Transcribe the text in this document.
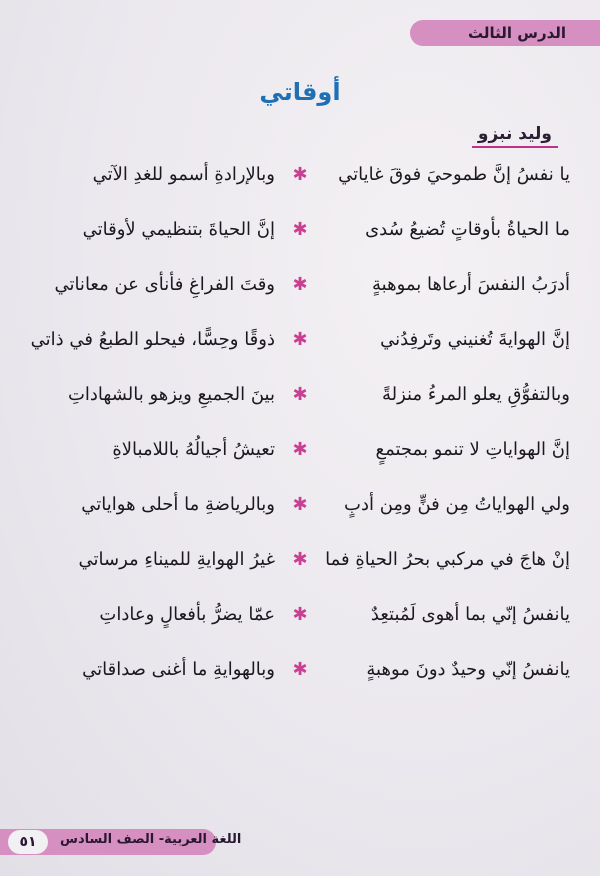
الدرس الثالث
أوقاتي
وليد نبزو
يا نفسُ إنَّ طموحيَ فوقَ غاياتي
✱
وبالإرادةِ أسمو للغدِ الآتي
ما الحياةُ بأوقاتٍ تُضيعُ سُدى
✱
إنَّ الحياةَ بتنظيمي لأوقاتي
أدرَبُ النفسَ أرعاها بموهبةٍ
✱
وقتَ الفراغِ فأنأى عن معاناتي
إنَّ الهوايةَ تُغنيني وتَرفِدُني
✱
ذوقًا وحِسًّا، فيحلو الطبعُ في ذاتي
وبالتفوُّقِ يعلو المرءُ منزلةً
✱
بينَ الجميعِ ويزهو بالشهاداتِ
إنَّ الهواياتِ لا تنمو بمجتمعٍ
✱
تعيشُ أجيالُهُ باللامبالاةِ
ولي الهواياتُ مِن فنٍّ ومِن أدبٍ
✱
وبالرياضةِ ما أحلى هواياتي
إنْ هاجَ في مركبي بحرُ الحياةِ فما
✱
غيرُ الهوايةِ للميناءِ مرساتي
يانفسُ إنّي بما أهوى لَمُبتعِدٌ
✱
عمّا يضرُّ بأفعالٍ وعاداتِ
يانفسُ إنّي وحيدٌ دونَ موهبةٍ
✱
وبالهوايةِ ما أغنى صداقاتي
اللغة العربية- الصف السادس
٥١
